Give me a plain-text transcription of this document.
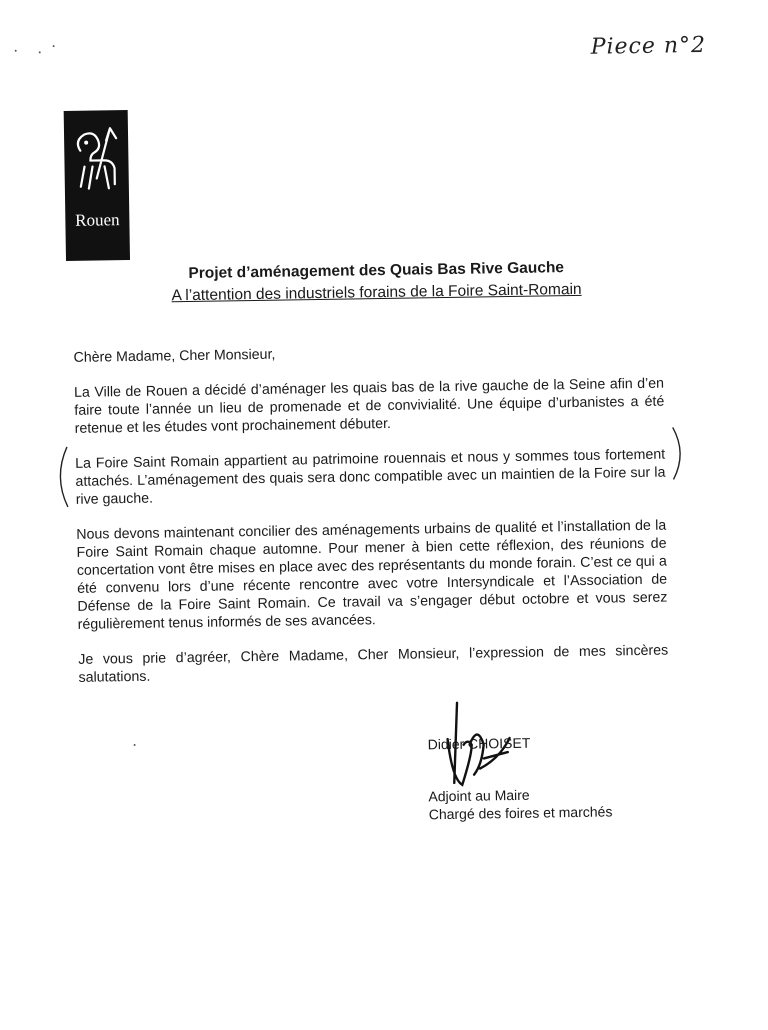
Piece n°2
Rouen
Projet d’aménagement des Quais Bas Rive Gauche
A l’attention des industriels forains de la Foire Saint-Romain

Chère Madame, Cher Monsieur,

La Ville de Rouen a décidé d’aménager les quais bas de la rive gauche de la Seine afin d’en faire toute l’année un lieu de promenade et de convivialité. Une équipe d’urbanistes a été retenue et les études vont prochainement débuter.

La Foire Saint Romain appartient au patrimoine rouennais et nous y sommes tous fortement attachés. L’aménagement des quais sera donc compatible avec un maintien de la Foire sur la rive gauche.

Nous devons maintenant concilier des aménagements urbains de qualité et l’installation de la Foire Saint Romain chaque automne. Pour mener à bien cette réflexion, des réunions de concertation vont être mises en place avec des représentants du monde forain. C’est ce qui a été convenu lors d’une récente rencontre avec votre Intersyndicale et l’Association de Défense de la Foire Saint Romain. Ce travail va s’engager début octobre et vous serez régulièrement tenus informés de ses avancées.

Je vous prie d’agréer, Chère Madame, Cher Monsieur, l’expression de mes sincères salutations.

Didier CHOISET
Adjoint au Maire
Chargé des foires et marchés
